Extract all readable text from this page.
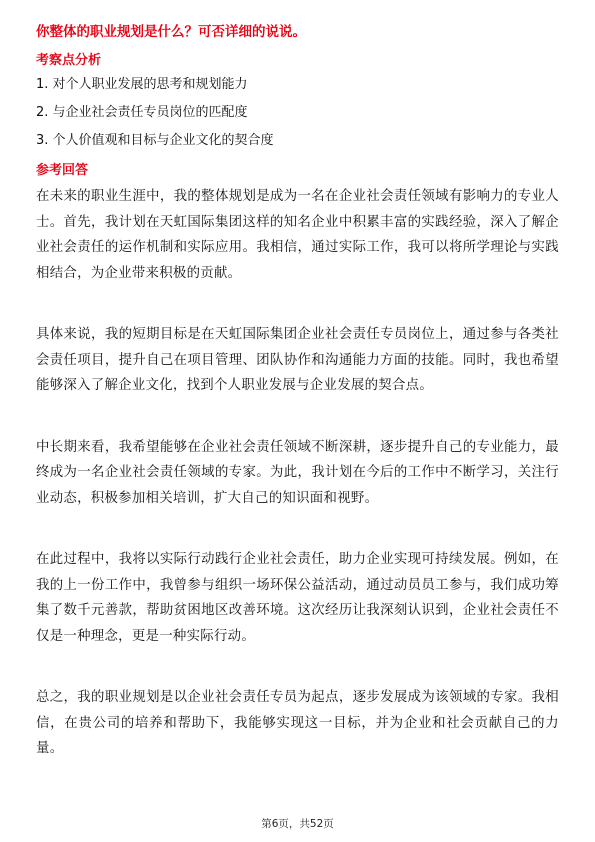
你整体的职业规划是什么？可否详细的说说。
考察点分析
1. 对个人职业发展的思考和规划能力
2. 与企业社会责任专员岗位的匹配度
3. 个人价值观和目标与企业文化的契合度
参考回答

在未来的职业生涯中，我的整体规划是成为一名在企业社会责任领域有影响力的专业人士。首先，我计划在天虹国际集团这样的知名企业中积累丰富的实践经验，深入了解企业社会责任的运作机制和实际应用。我相信，通过实际工作，我可以将所学理论与实践相结合，为企业带来积极的贡献。

具体来说，我的短期目标是在天虹国际集团企业社会责任专员岗位上，通过参与各类社会责任项目，提升自己在项目管理、团队协作和沟通能力方面的技能。同时，我也希望能够深入了解企业文化，找到个人职业发展与企业发展的契合点。

中长期来看，我希望能够在企业社会责任领域不断深耕，逐步提升自己的专业能力，最终成为一名企业社会责任领域的专家。为此，我计划在今后的工作中不断学习，关注行业动态，积极参加相关培训，扩大自己的知识面和视野。

在此过程中，我将以实际行动践行企业社会责任，助力企业实现可持续发展。例如，在我的上一份工作中，我曾参与组织一场环保公益活动，通过动员员工参与，我们成功筹集了数千元善款，帮助贫困地区改善环境。这次经历让我深刻认识到，企业社会责任不仅是一种理念，更是一种实际行动。

总之，我的职业规划是以企业社会责任专员为起点，逐步发展成为该领域的专家。我相信，在贵公司的培养和帮助下，我能够实现这一目标，并为企业和社会贡献自己的力量。

第6页，共52页
